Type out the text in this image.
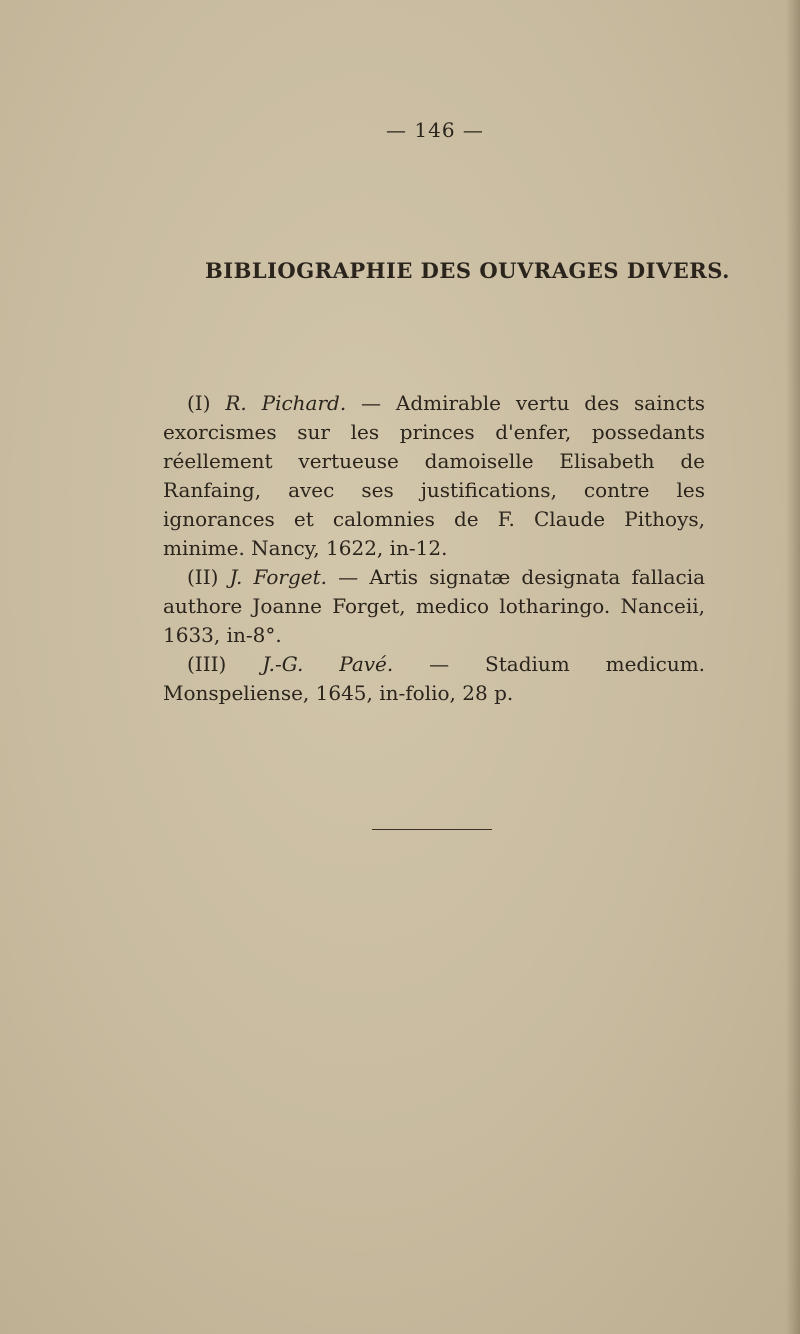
— 146 —
BIBLIOGRAPHIE DES OUVRAGES DIVERS.

(I) R. Pichard. — Admirable vertu des saincts exorcismes sur les princes d'enfer, possedants réellement vertueuse damoiselle Elisabeth de Ranfaing, avec ses justifications, contre les ignorances et calomnies de F. Claude Pithoys, minime. Nancy, 1622, in-12.

(II) J. Forget. — Artis signatæ designata fallacia authore Joanne Forget, medico lotharingo. Nanceii, 1633, in-8°.

(III) J.-G. Pavé. — Stadium medicum. Monspeliense, 1645, in-folio, 28 p.
